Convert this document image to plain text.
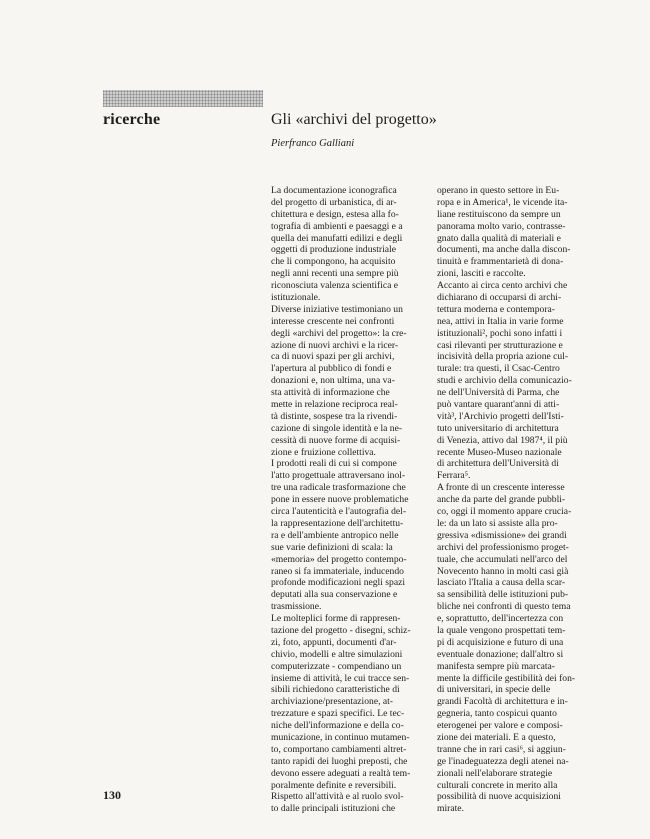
ricerche	Gli «archivi del progetto»
Pierfranco Galliani
La documentazione iconografica
del progetto di urbanistica, di ar-
chitettura e design, estesa alla fo-
tografia di ambienti e paesaggi e a
quella dei manufatti edilizi e degli
oggetti di produzione industriale
che li compongono, ha acquisito
negli anni recenti una sempre più
riconosciuta valenza scientifica e
istituzionale.
Diverse iniziative testimoniano un
interesse crescente nei confronti
degli «archivi del progetto»: la cre-
azione di nuovi archivi e la ricer-
ca di nuovi spazi per gli archivi,
l'apertura al pubblico di fondi e
donazioni e, non ultima, una va-
sta attività di informazione che
mette in relazione reciproca real-
tà distinte, sospese tra la rivendi-
cazione di singole identità e la ne-
cessità di nuove forme di acquisi-
zione e fruizione collettiva.
I prodotti reali di cui si compone
l'atto progettuale attraversano inol-
tre una radicale trasformazione che
pone in essere nuove problematiche
circa l'autenticità e l'autografia del-
la rappresentazione dell'architettu-
ra e dell'ambiente antropico nelle
sue varie definizioni di scala: la
«memoria» del progetto contempo-
raneo si fa immateriale, inducendo
profonde modificazioni negli spazi
deputati alla sua conservazione e
trasmissione.
Le molteplici forme di rappresen-
tazione del progetto - disegni, schiz-
zi, foto, appunti, documenti d'ar-
chivio, modelli e altre simulazioni
computerizzate - compendiano un
insieme di attività, le cui tracce sen-
sibili richiedono caratteristiche di
archiviazione/presentazione, at-
trezzature e spazi specifici. Le tec-
niche dell'informazione e della co-
municazione, in continuo mutamen-
to, comportano cambiamenti altret-
tanto rapidi dei luoghi preposti, che
devono essere adeguati a realtà tem-
poralmente definite e reversibili.
Rispetto all'attività e al ruolo svol-
to dalle principali istituzioni che
operano in questo settore in Eu-
ropa e in America¹, le vicende ita-
liane restituiscono da sempre un
panorama molto vario, contrasse-
gnato dalla qualità di materiali e
documenti, ma anche dalla discon-
tinuità e frammentarietà di dona-
zioni, lasciti e raccolte.
Accanto ai circa cento archivi che
dichiarano di occuparsi di archi-
tettura moderna e contempora-
nea, attivi in Italia in varie forme
istituzionali², pochi sono infatti i
casi rilevanti per strutturazione e
incisività della propria azione cul-
turale: tra questi, il Csac-Centro
studi e archivio della comunicazio-
ne dell'Università di Parma, che
può vantare quarant'anni di atti-
vità³, l'Archivio progetti dell'Isti-
tuto universitario di architettura
di Venezia, attivo dal 1987⁴, il più
recente Museo-Museo nazionale
di architettura dell'Università di
Ferrara⁵.
A fronte di un crescente interesse
anche da parte del grande pubbli-
co, oggi il momento appare crucia-
le: da un lato si assiste alla pro-
gressiva «dismissione» dei grandi
archivi del professionismo proget-
tuale, che accumulati nell'arco del
Novecento hanno in molti casi già
lasciato l'Italia a causa della scar-
sa sensibilità delle istituzioni pub-
bliche nei confronti di questo tema
e, soprattutto, dell'incertezza con
la quale vengono prospettati tem-
pi di acquisizione e futuro di una
eventuale donazione; dall'altro si
manifesta sempre più marcata-
mente la difficile gestibilità dei fon-
di universitari, in specie delle
grandi Facoltà di architettura e in-
gegneria, tanto cospicui quanto
eterogenei per valore e composi-
zione dei materiali. E a questo,
tranne che in rari casi⁶, si aggiun-
ge l'inadeguatezza degli atenei na-
zionali nell'elaborare strategie
culturali concrete in merito alla
possibilità di nuove acquisizioni
mirate.
130
